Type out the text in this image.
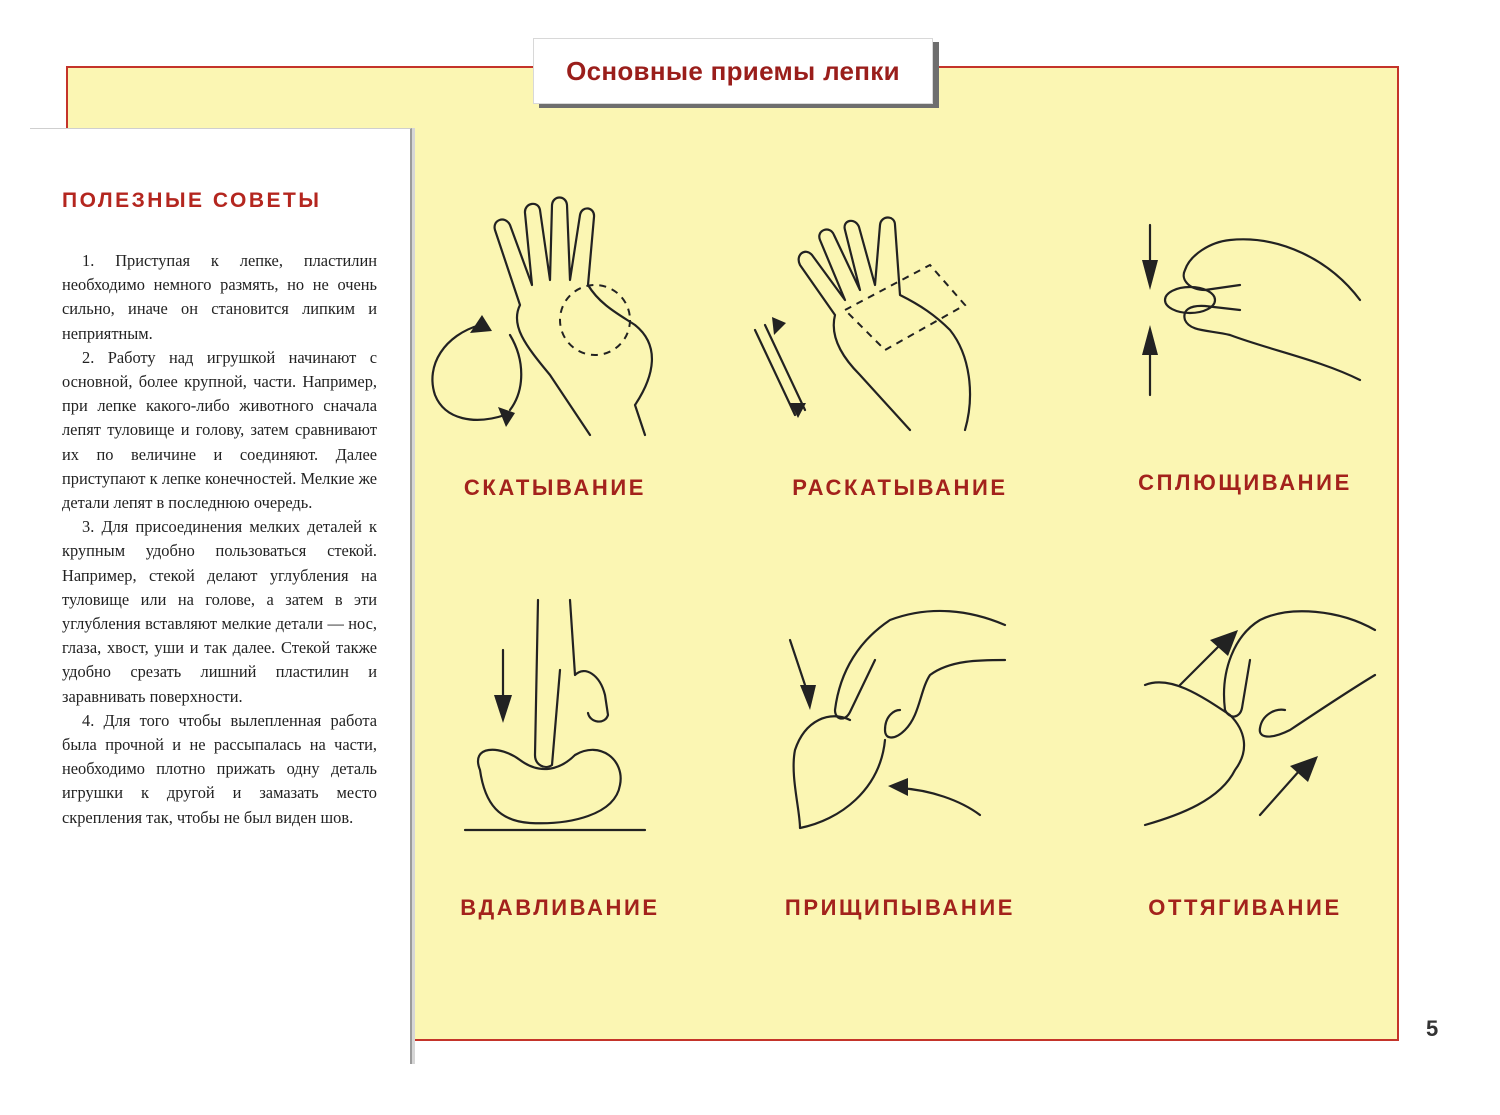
Основные приемы лепки
ПОЛЕЗНЫЕ СОВЕТЫ

1. Приступая к лепке, пластилин необходимо немного размять, но не очень сильно, иначе он становится липким и неприятным.

2. Работу над игрушкой начинают с основной, более крупной, части. Например, при лепке какого-либо животного сначала лепят туловище и голову, затем сравнивают их по величине и соединяют. Далее приступают к лепке конечностей. Мелкие же детали лепят в последнюю очередь.

3. Для присоединения мелких деталей к крупным удобно пользоваться стекой. Например, стекой делают углубления на туловище или на голове, а затем в эти углубления вставляют мелкие детали — нос, глаза, хвост, уши и так далее. Стекой также удобно срезать лишний пластилин и заравнивать поверхности.

4. Для того чтобы вылепленная работа была прочной и не рассыпалась на части, необходимо плотно прижать одну деталь игрушки к другой и замазать место скрепления так, чтобы не был виден шов.

СКАТЫВАНИЕ	РАСКАТЫВАНИЕ	СПЛЮЩИВАНИЕ
ВДАВЛИВАНИЕ	ПРИЩИПЫВАНИЕ	ОТТЯГИВАНИЕ
5
